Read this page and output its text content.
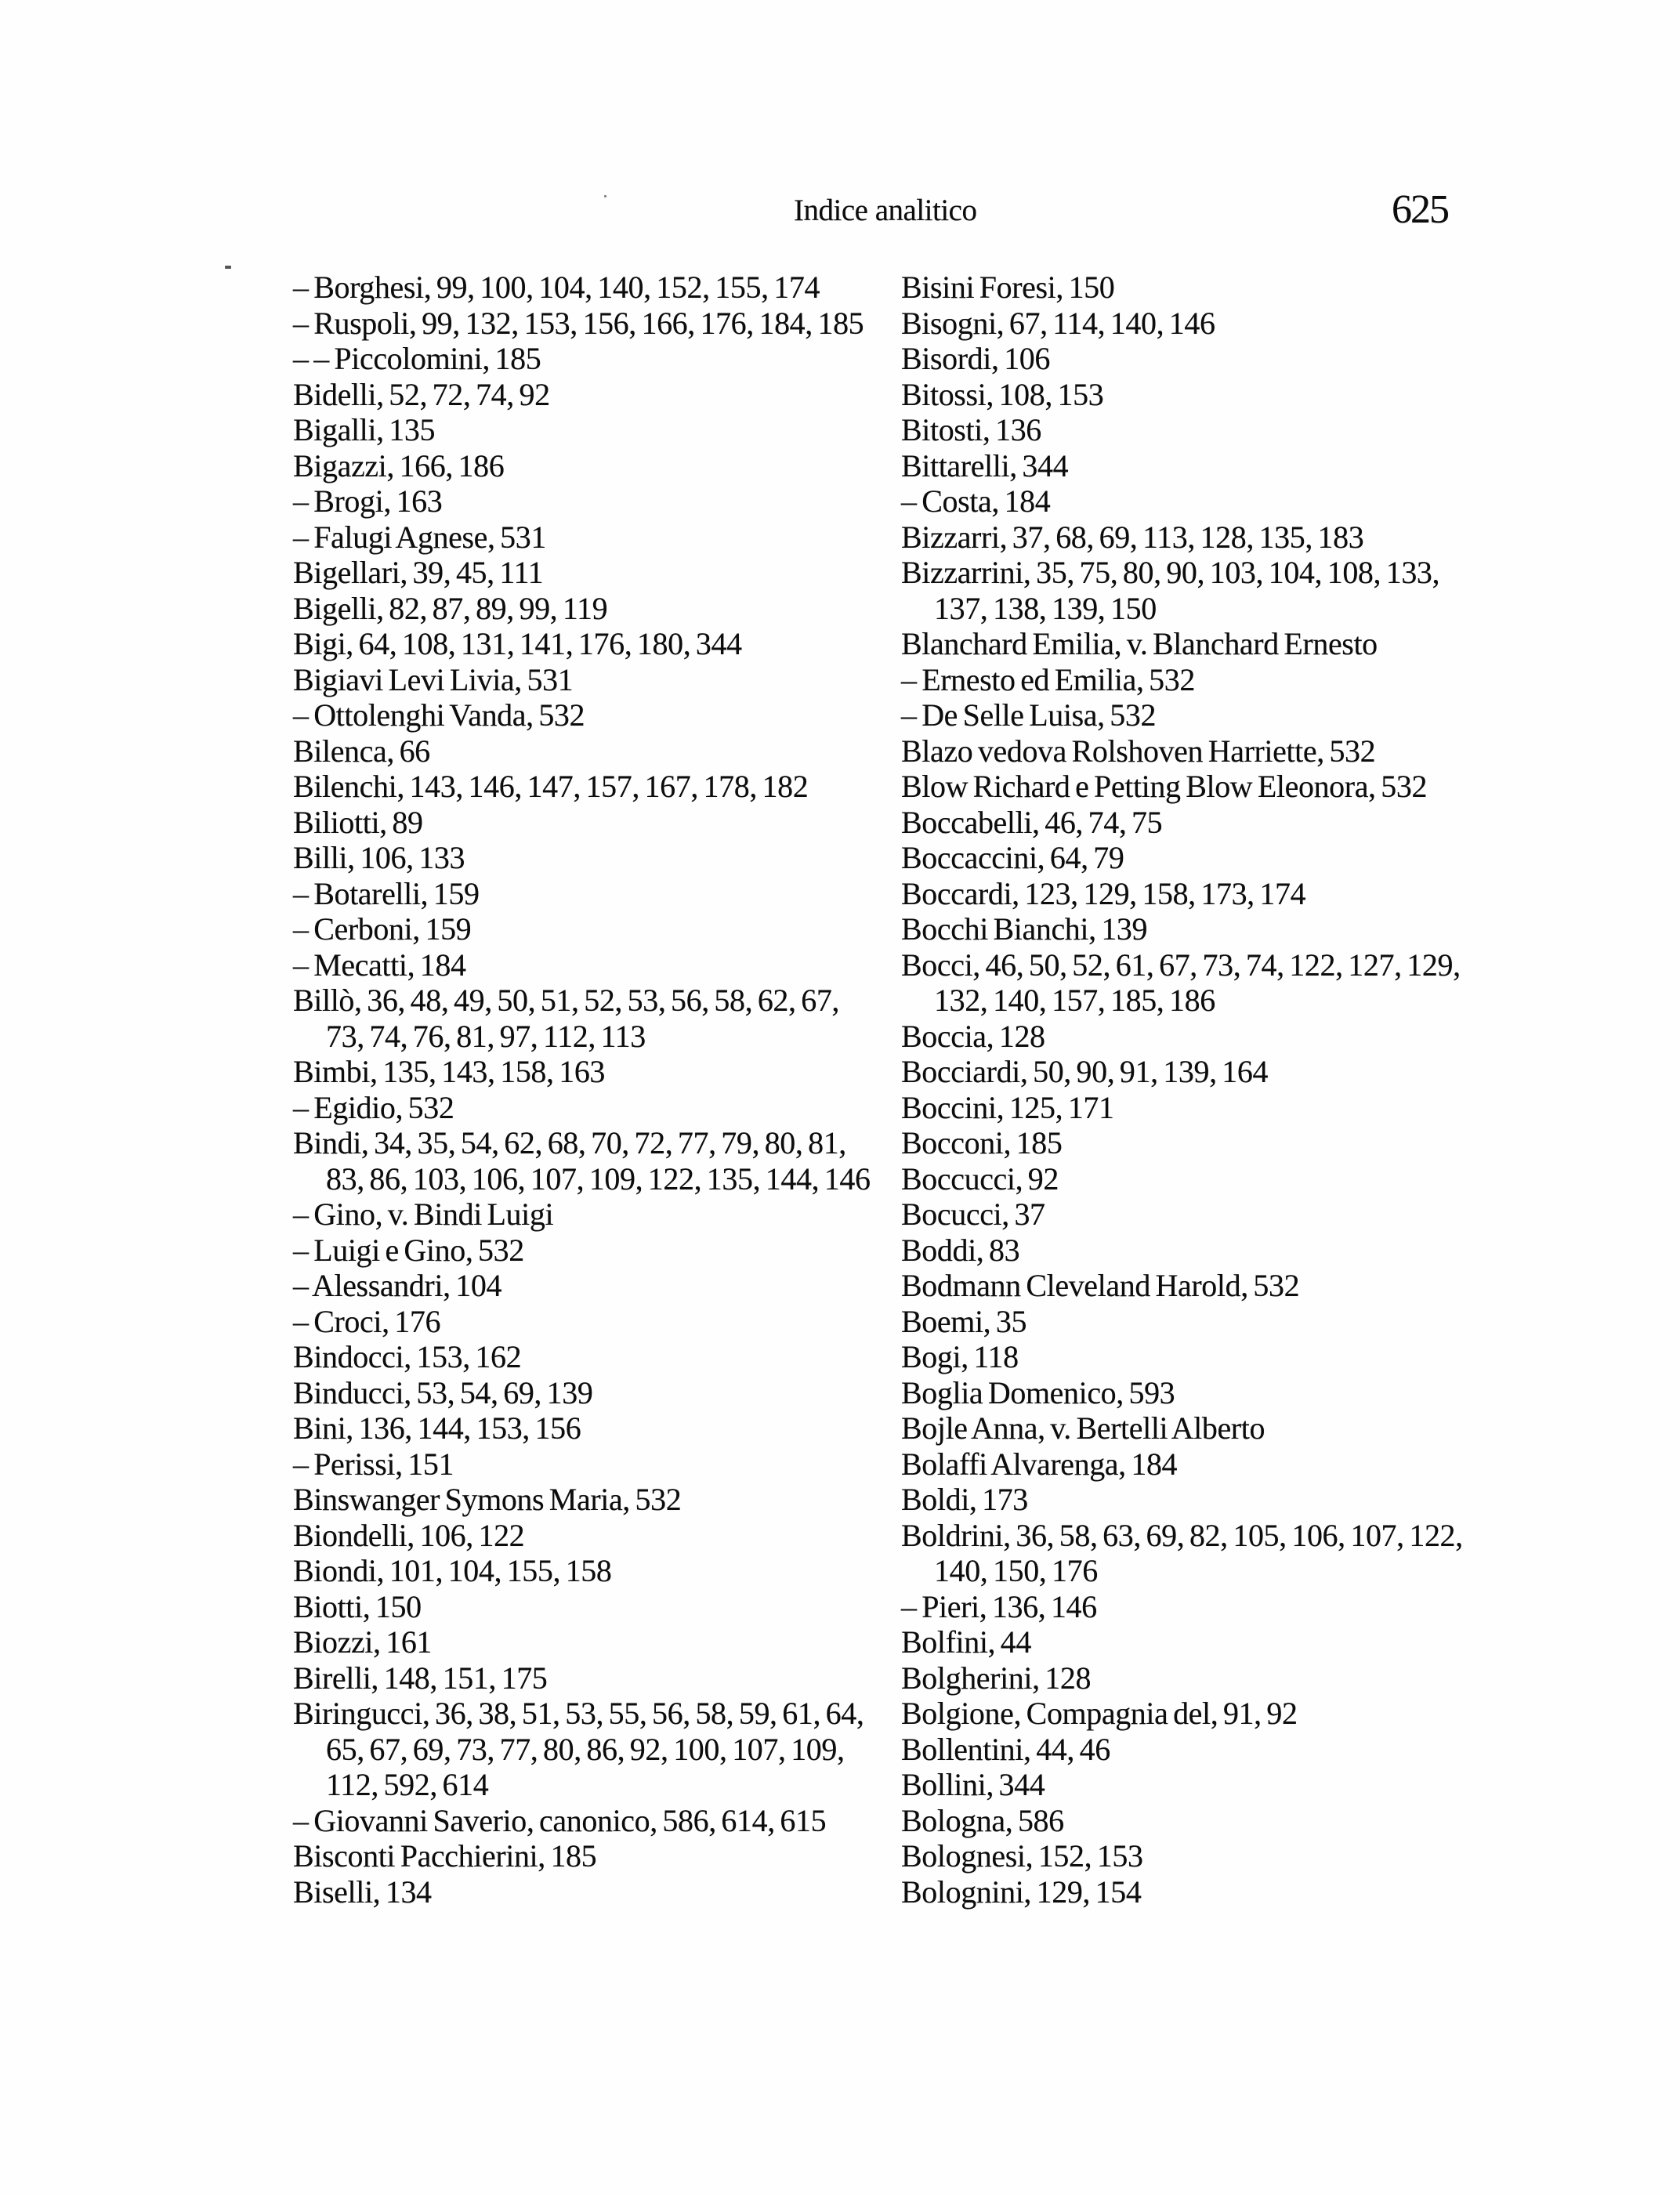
Indice analitico	625
– Borghesi, 99, 100, 104, 140, 152, 155, 174
– Ruspoli, 99, 132, 153, 156, 166, 176, 184, 185
– – Piccolomini, 185
Bidelli, 52, 72, 74, 92
Bigalli, 135
Bigazzi, 166, 186
– Brogi, 163
– Falugi Agnese, 531
Bigellari, 39, 45, 111
Bigelli, 82, 87, 89, 99, 119
Bigi, 64, 108, 131, 141, 176, 180, 344
Bigiavi Levi Livia, 531
– Ottolenghi Vanda, 532
Bilenca, 66
Bilenchi, 143, 146, 147, 157, 167, 178, 182
Biliotti, 89
Billi, 106, 133
– Botarelli, 159
– Cerboni, 159
– Mecatti, 184
Billò, 36, 48, 49, 50, 51, 52, 53, 56, 58, 62, 67,
73, 74, 76, 81, 97, 112, 113
Bimbi, 135, 143, 158, 163
– Egidio, 532
Bindi, 34, 35, 54, 62, 68, 70, 72, 77, 79, 80, 81,
83, 86, 103, 106, 107, 109, 122, 135, 144, 146
– Gino, v. Bindi Luigi
– Luigi e Gino, 532
– Alessandri, 104
– Croci, 176
Bindocci, 153, 162
Binducci, 53, 54, 69, 139
Bini, 136, 144, 153, 156
– Perissi, 151
Binswanger Symons Maria, 532
Biondelli, 106, 122
Biondi, 101, 104, 155, 158
Biotti, 150
Biozzi, 161
Birelli, 148, 151, 175
Biringucci, 36, 38, 51, 53, 55, 56, 58, 59, 61, 64,
65, 67, 69, 73, 77, 80, 86, 92, 100, 107, 109,
112, 592, 614
– Giovanni Saverio, canonico, 586, 614, 615
Bisconti Pacchierini, 185
Biselli, 134
Bisini Foresi, 150
Bisogni, 67, 114, 140, 146
Bisordi, 106
Bitossi, 108, 153
Bitosti, 136
Bittarelli, 344
– Costa, 184
Bizzarri, 37, 68, 69, 113, 128, 135, 183
Bizzarrini, 35, 75, 80, 90, 103, 104, 108, 133,
137, 138, 139, 150
Blanchard Emilia, v. Blanchard Ernesto
– Ernesto ed Emilia, 532
– De Selle Luisa, 532
Blazo vedova Rolshoven Harriette, 532
Blow Richard e Petting Blow Eleonora, 532
Boccabelli, 46, 74, 75
Boccaccini, 64, 79
Boccardi, 123, 129, 158, 173, 174
Bocchi Bianchi, 139
Bocci, 46, 50, 52, 61, 67, 73, 74, 122, 127, 129,
132, 140, 157, 185, 186
Boccia, 128
Bocciardi, 50, 90, 91, 139, 164
Boccini, 125, 171
Bocconi, 185
Boccucci, 92
Bocucci, 37
Boddi, 83
Bodmann Cleveland Harold, 532
Boemi, 35
Bogi, 118
Boglia Domenico, 593
Bojle Anna, v. Bertelli Alberto
Bolaffi Alvarenga, 184
Boldi, 173
Boldrini, 36, 58, 63, 69, 82, 105, 106, 107, 122,
140, 150, 176
– Pieri, 136, 146
Bolfini, 44
Bolgherini, 128
Bolgione, Compagnia del, 91, 92
Bollentini, 44, 46
Bollini, 344
Bologna, 586
Bolognesi, 152, 153
Bolognini, 129, 154
